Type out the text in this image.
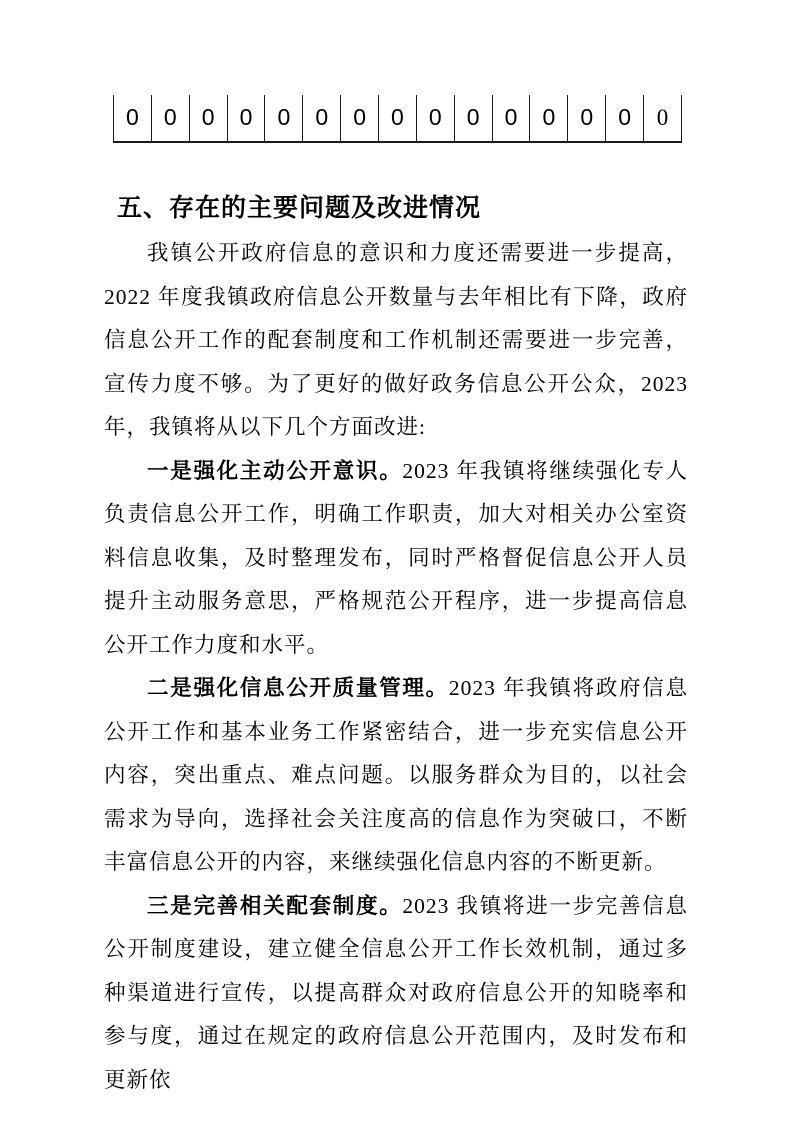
0	0	0	0	0	0	0	0	0	0	0	0	0	0	0
五、存在的主要问题及改进情况

我镇公开政府信息的意识和力度还需要进一步提高，2022 年度我镇政府信息公开数量与去年相比有下降，政府信息公开工作的配套制度和工作机制还需要进一步完善，宣传力度不够。为了更好的做好政务信息公开公众，2023 年，我镇将从以下几个方面改进:

一是强化主动公开意识。2023 年我镇将继续强化专人负责信息公开工作，明确工作职责，加大对相关办公室资料信息收集，及时整理发布，同时严格督促信息公开人员提升主动服务意思，严格规范公开程序，进一步提高信息公开工作力度和水平。

二是强化信息公开质量管理。2023 年我镇将政府信息公开工作和基本业务工作紧密结合，进一步充实信息公开内容，突出重点、难点问题。以服务群众为目的，以社会需求为导向，选择社会关注度高的信息作为突破口，不断丰富信息公开的内容，来继续强化信息内容的不断更新。

三是完善相关配套制度。2023 我镇将进一步完善信息公开制度建设，建立健全信息公开工作长效机制，通过多种渠道进行宣传，以提高群众对政府信息公开的知晓率和参与度，通过在规定的政府信息公开范围内，及时发布和更新依
